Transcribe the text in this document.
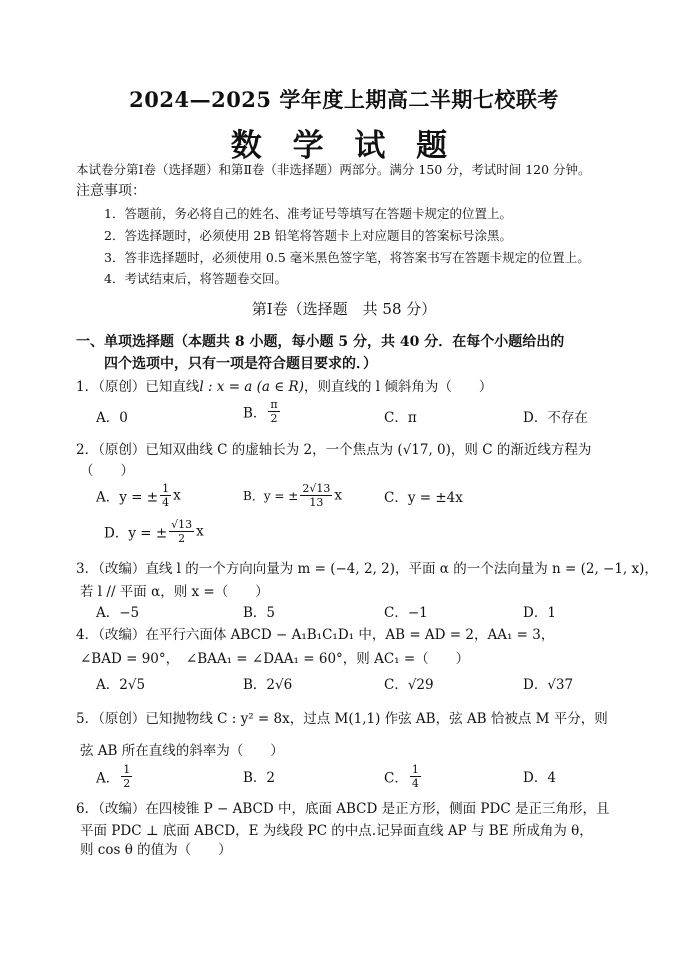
2024—2025 学年度上期高二半期七校联考
数 学 试 题
本试卷分第Ⅰ卷（选择题）和第Ⅱ卷（非选择题）两部分。满分 150 分，考试时间 120 分钟。
注意事项：
1．答题前，务必将自己的姓名、准考证号等填写在答题卡规定的位置上。
2．答选择题时，必须使用 2B 铅笔将答题卡上对应题目的答案标号涂黑。
3．答非选择题时，必须使用 0.5 毫米黑色签字笔，将答案书写在答题卡规定的位置上。
4．考试结束后，将答题卷交回。
第Ⅰ卷（选择题　共 58 分）
一、单项选择题（本题共 8 小题，每小题 5 分，共 40 分．在每个小题给出的
四个选项中，只有一项是符合题目要求的．）
1．（原创）已知直线l : x = a (a ∈ R)，则直线的 l 倾斜角为（　　）
A．0	B． $\frac{\pi}{2}$	C．π	D．不存在
2．（原创）已知双曲线 C 的虚轴长为 2，一个焦点为 (√17, 0)，则 C 的渐近线方程为
（　　）
A．y = ± $\frac{1}{4}$ x	B．y = ± $\frac{2√13}{13}$ x	C．y = ±4x
D．y = ± $\frac{√13}{2}$ x
3．（改编）直线 l 的一个方向向量为 m = (−4, 2, 2)，平面 α 的一个法向量为 n = (2, −1, x)，
若 l // 平面 α，则 x =（　　）
A．−5	B．5	C．−1	D．1
4．（改编）在平行六面体 ABCD − A₁B₁C₁D₁ 中，AB = AD = 2，AA₁ = 3，
∠BAD = 90°，　∠BAA₁ = ∠DAA₁ = 60°，则 AC₁ =（　　）
A．2√5	B．2√6	C．√29	D．√37
5．（原创）已知抛物线 C : y² = 8x，过点 M(1,1) 作弦 AB，弦 AB 恰被点 M 平分，则
弦 AB 所在直线的斜率为（　　）
A． $\frac{1}{2}$	B．2	C． $\frac{1}{4}$	D．4
6．（改编）在四棱锥 P − ABCD 中，底面 ABCD 是正方形，侧面 PDC 是正三角形，且
平面 PDC ⊥ 底面 ABCD，E 为线段 PC 的中点.记异面直线 AP 与 BE 所成角为 θ，
则 cos θ 的值为（　　）
